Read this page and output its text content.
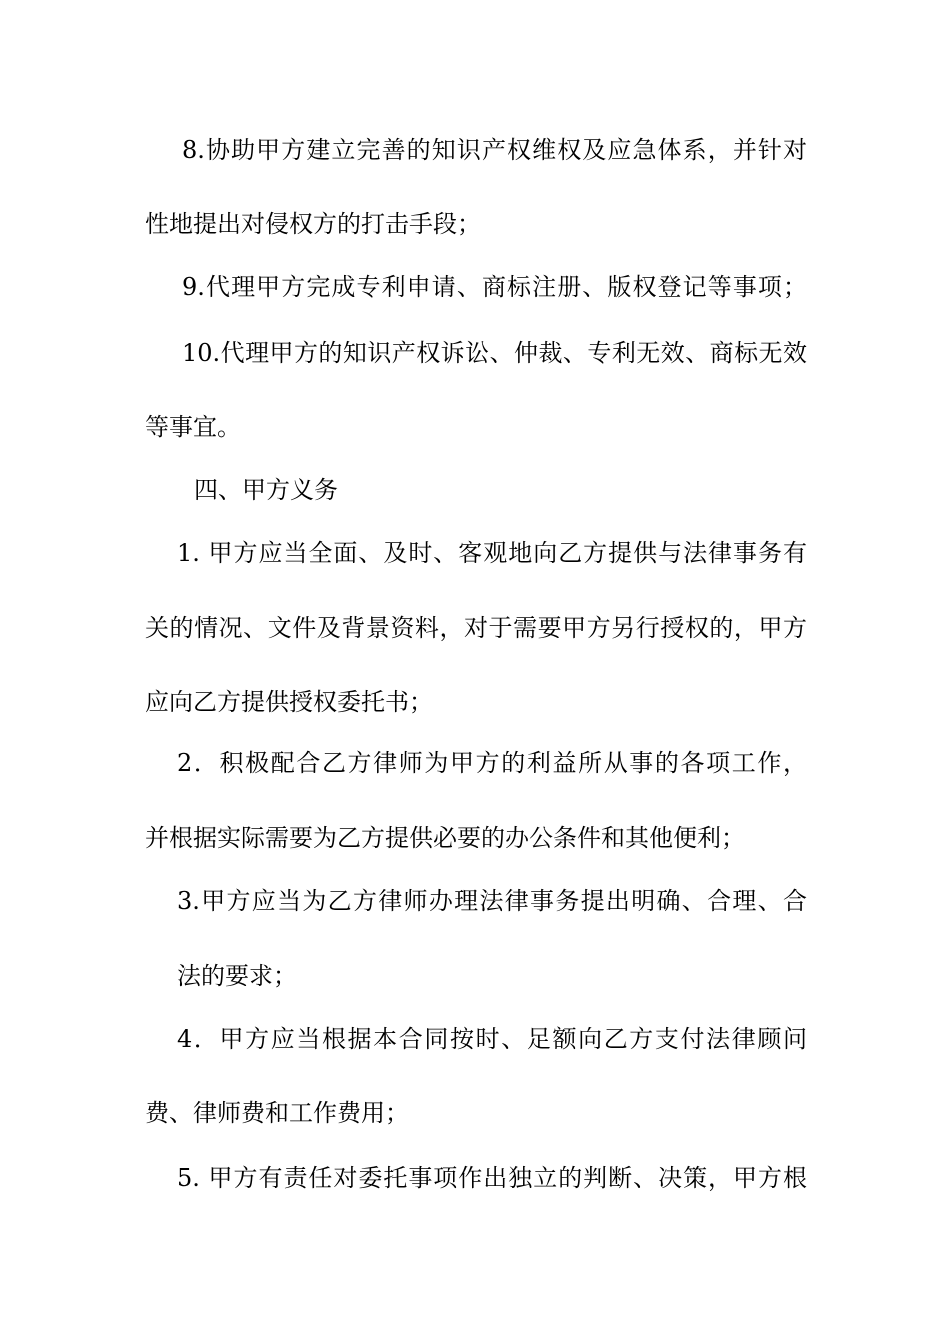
8.协助甲方建立完善的知识产权维权及应急体系，并针对
性地提出对侵权方的打击手段；
9.代理甲方完成专利申请、商标注册、版权登记等事项；
10.代理甲方的知识产权诉讼、仲裁、专利无效、商标无效
等事宜。
四、甲方义务
1. 甲方应当全面、及时、客观地向乙方提供与法律事务有
关的情况、文件及背景资料，对于需要甲方另行授权的，甲方
应向乙方提供授权委托书；
2．积极配合乙方律师为甲方的利益所从事的各项工作，
并根据实际需要为乙方提供必要的办公条件和其他便利；
3.甲方应当为乙方律师办理法律事务提出明确、合理、合
法的要求；
4．甲方应当根据本合同按时、足额向乙方支付法律顾问
费、律师费和工作费用；
5. 甲方有责任对委托事项作出独立的判断、决策，甲方根
